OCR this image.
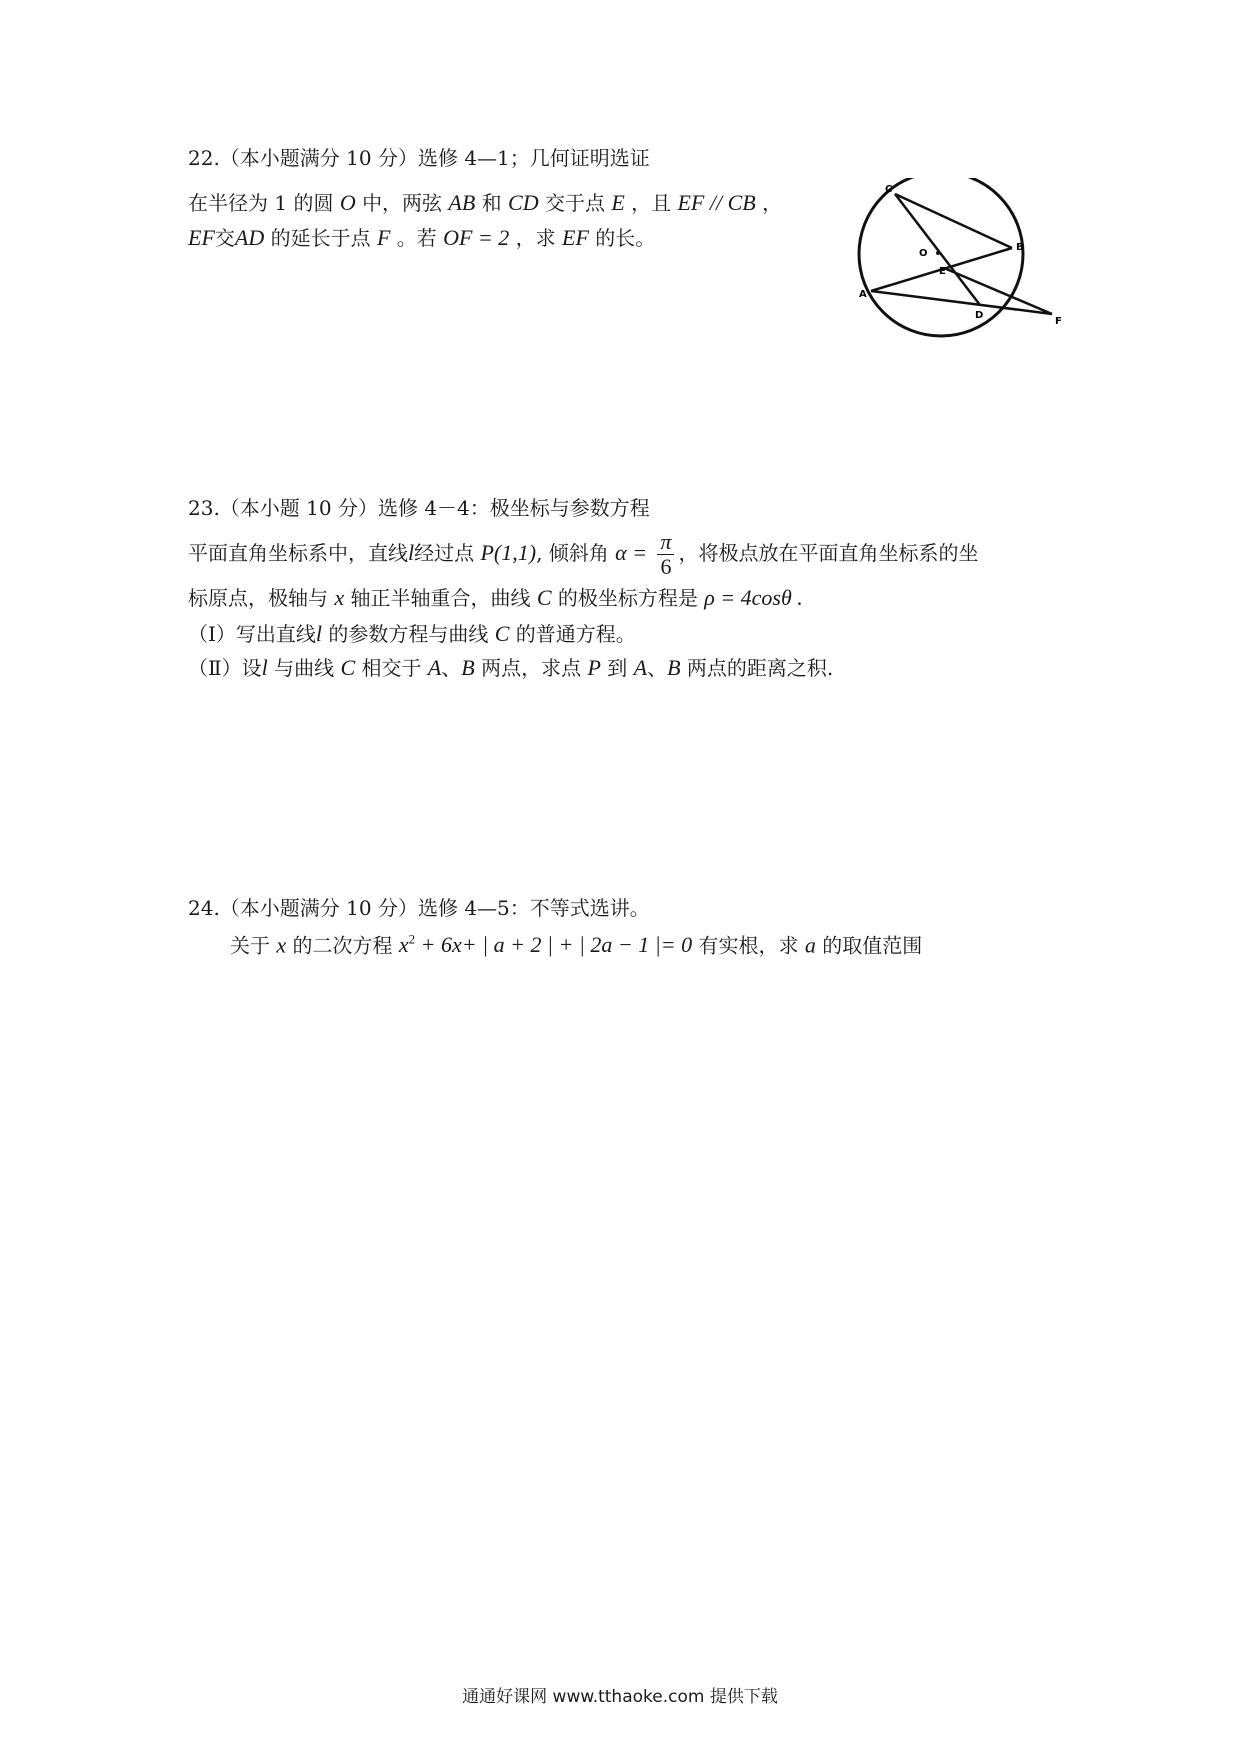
22.（本小题满分 10 分）选修 4—1；几何证明选证
在半径为 1 的圆 O 中，两弦 AB 和 CD 交于点 E ，且 EF // CB ，
EF交AD 的延长于点 F 。若 OF = 2 ，求 EF 的长。
C
B
O
E
A
D
F
23.（本小题 10 分）选修 4－4：极坐标与参数方程
平面直角坐标系中，直线l经过点 P(1,1), 倾斜角 $\alpha = \frac{\pi}{6}$ ，将极点放在平面直角坐标系的坐
标原点，极轴与 x 轴正半轴重合，曲线 C 的极坐标方程是 ρ = 4cosθ .
（Ⅰ）写出直线l 的参数方程与曲线 C 的普通方程。
（Ⅱ）设l 与曲线 C 相交于 A、B 两点，求点 P 到 A、B 两点的距离之积.
24.（本小题满分 10 分）选修 4—5：不等式选讲。
关于 x 的二次方程 $x^2 + 6x+$ | a + 2 | + | 2a − 1 |= 0 有实根，求 a 的取值范围
通通好课网 www.tthaoke.com 提供下载
